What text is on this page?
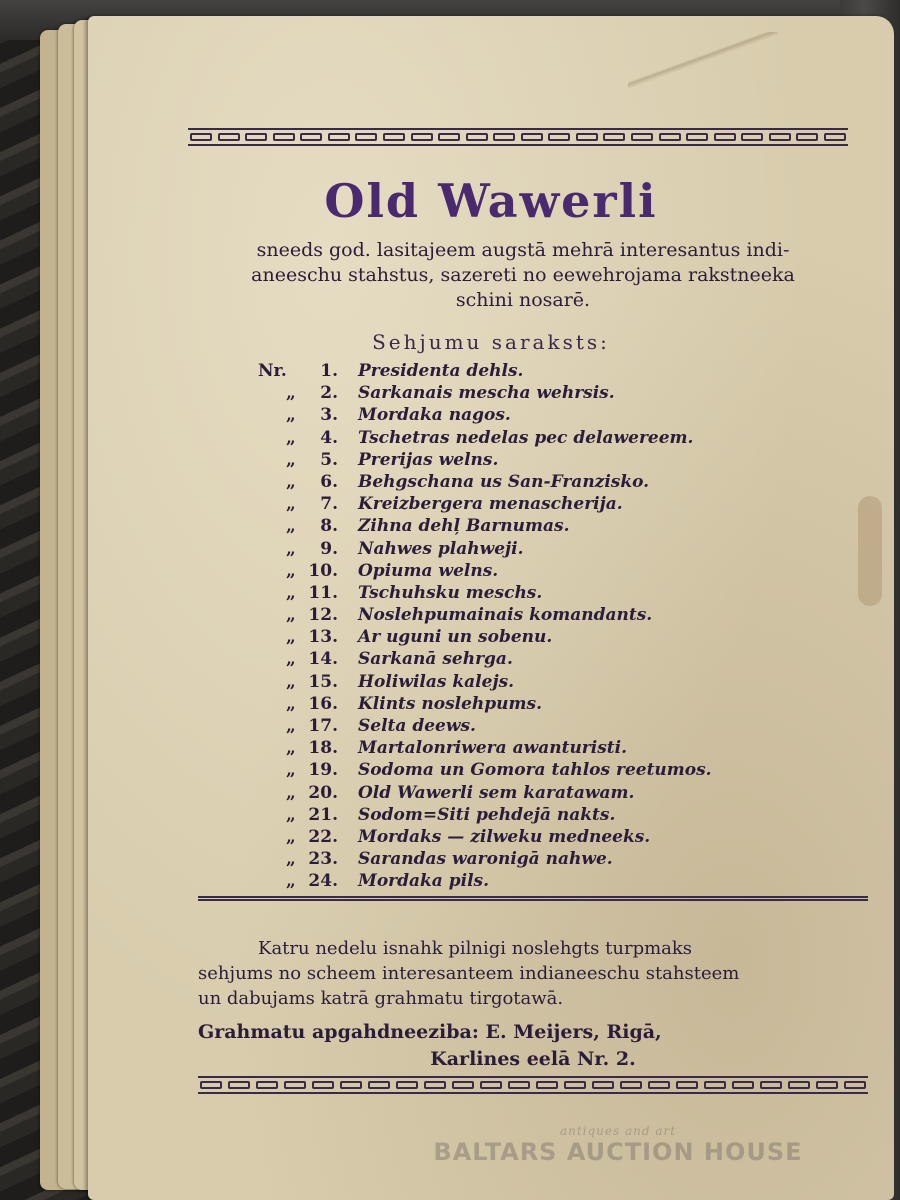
Old Wawerli
sneeds god. lasitajeem augstā mehrā interesantus indi-
aneeschu stahstus, sazereti no eewehrojama rakstneeka
schini nosarē.
Sehjumu saraksts:
Nr.	1. Presidenta dehls.
„	2. Sarkanais mescha wehrsis.
„	3. Mordaka nagos.
„	4. Tschetras nedelas pec delawereem.
„	5. Prerijas welns.
„	6. Behgschana us San-Franzisko.
„	7. Kreizbergera menascherija.
„	8. Zihna dehļ Barnumas.
„	9. Nahwes plahweji.
„ 10. Opiuma welns.
„ 11. Tschuhsku meschs.
„ 12. Noslehpumainais komandants.
„ 13. Ar uguni un sobenu.
„ 14. Sarkanā sehrga.
„ 15. Holiwilas kalejs.
„ 16. Klints noslehpums.
„ 17. Selta deews.
„ 18. Martalonriwera awanturisti.
„ 19. Sodoma un Gomora tahlos reetumos.
„ 20. Old Wawerli sem karatawam.
„ 21. Sodom=Siti pehdejā nakts.
„ 22. Mordaks — zilweku medneeks.
„ 23. Sarandas waronigā nahwe.
„ 24. Mordaka pils.
Katru nedelu isnahk pilnigi noslehgts turpmaks
sehjums no scheem interesanteem indianeeschu stahsteem
un dabujams katrā grahmatu tirgotawā.
Grahmatu apgahdneeziba: E. Meijers, Rigā,
Karlines eelā Nr. 2.
antiques and art
BALTARS AUCTION HOUSE
